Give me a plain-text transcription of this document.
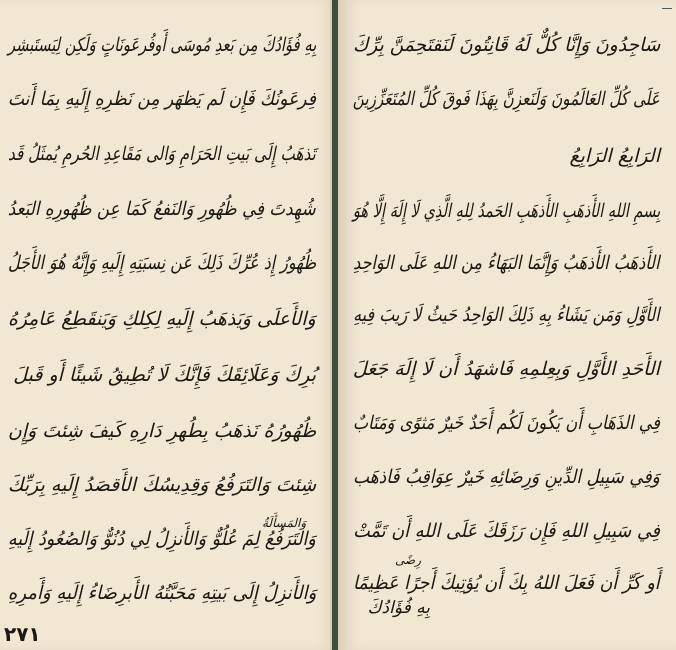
بِهِ فُؤَادُكَ مِن بَعدِ مُوسَى أَوفُرعَونَاتٍ وَلَكِن لِيَستَبشِر
فِرعَونُكَ فَإِن لَم يَظهَر مِن نَظرِهِ إِلَيهِ بِمَا أَنتَ
تَذهَبُ إِلَى بَيتِ الحَرَامِ وَالى مَقَاعِدِ الحُرمِ يُمثَلُ قَد
شُهِدتَ فِي ظُهُورِ وَالنَفعُ كَمَا عِن ظُهُورِهِ البَعدُ
ظُهُورُ إِذ عُرِّكَ ذَلِكَ عَن نِسبَتِهِ إِلَيهِ وَإِنَّهُ هُوَ الأَجَلُ
وَالأَعلَى وَيَذهَبُ إِلَيهِ لِكِلكِ وَيَنقَطِعُ عَامِرُهُ
بُرِكَ وَعَلَائِقَكَ فَإِنَّكَ لَا تُطِيقُ شَيئًا أَو قَبلَ
ظُهُورُهُ نَذهَبُ بِطُهرِ دَارِهِ كَيفَ شِئتَ وَإِن
شِئتَ وَالتَرَفُعُ وَقِدِيسُكَ الأَقصَدُ إِلَيهِ بِرَبِّكَ
وَالتَرَفُعُ لِمَ عُلُوٌّ وَالأَنزِلُ لِي دُنُوٌّ وَالصُعُودُ إِلَيهِ
وَالأَنزِلُ إِلَى بَيتِهِ مَحَبَّتُهُ الأَبرِضَاءُ إِلَيهِ وَأَمرِهِ
وَالمَسأَلَةُ
٢٧١
سَاجِدُونَ وَإِنَّا كُلٌّ لَهُ قَانِتُونَ لَنَقتَحِمَنَّ بِرِّكَ
عَلَى كُلِّ العَالَمُونَ وَلَنَعزِنَّ بِهَذَا فَوقَ كُلِّ المُتَعَزِّزِينَ
الرَابِعُ الرَابِعُ
بِسمِ اللهِ الأَذهَبِ الأَذهَبِ الحَمدُ لِلهِ الَّذِي لَا إِلَهَ إِلَّا هُوَ
الأَذهَبُ الأَذهَبُ وَإِنَّمَا البَهَاءُ مِن اللهِ عَلَى الوَاحِدِ
الأَوَّلِ وَمَن يَشَاءُ بِهِ ذَلِكَ الوَاحِدُ حَيثُ لَا رَيبَ فِيهِ
الأَحَدِ الأَوَّلِ وَبِعِلمِهِ فَاشهَدُ أَن لَا إِلَهَ جَعَلَ
فِي الذَهَابِ أَن يَكُونَ لَكُم أَحَدٌ خَيرٌ مَثوًى وَمَتَابٌ
وَفِي سَبِيلِ الدِّينِ وَرِضَائِهِ خَيرٌ عِوَاقِبُ فَاذهَب
فِي سَبِيلِ اللهِ فَإِن رَزَقَكَ عَلَى اللهِ أَن تَمَّتْ
أَو كَرِّ أَن فَعَلَ اللهُ بِكَ أَن يُؤتِيكَ أَجرًا عَظِيمًا
بِهِ فُؤَادُكَ
رِضًى
